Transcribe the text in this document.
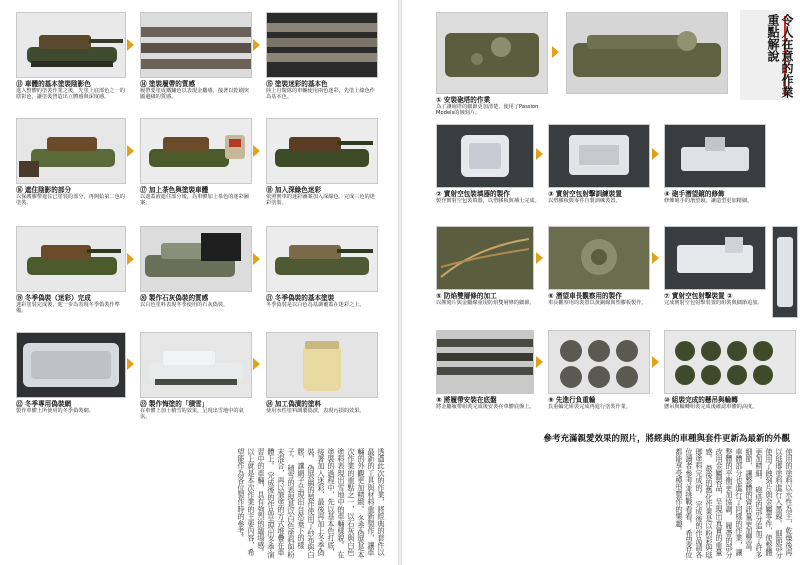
⑬ 車體的基本塗裝陰影色
進入整體的塗裝作業之後，先塗上底部色之一的陰影色，讓塗裝營造出立體感與深度感。
⑭ 塗裝履帶的質感
履帶要塗成鐵鏽色以表現金屬感，接著以乾刷突顯邊緣的質感。
⑮ 塗裝迷彩的基本色
陸上自衛隊的車輛使用兩色迷彩，先塗上綠色作為基本色。
⑯ 遮住陰影的部分
以保護膠帶遮住已塗裝的部分，再開始第二色的塗裝。
⑰ 加上茶色與塗裝車體
以遮蓋液遮住部分後，為車體加上茶色的迷彩圖案。
⑱ 加入深綠色迷彩
依照實車的迷彩圖案加入深綠色，完成三色的迷彩塗裝。
⑲ 冬季偽裝（迷彩）完成
迷彩塗裝完成後，進一步為表現冬季偽裝作準備。
⑳ 製作石灰偽裝的質感
以白色塗料表現冬季使用的石灰偽裝。
㉑ 冬季偽裝的基本塗裝
冬季偽裝是以白色為基調覆蓋在迷彩之上。
㉒ 冬季專用偽裝網
製作車體上所使用的冬季偽裝網。
㉓ 製作悔塗的「積雪」
在車體上加上積雪的效果，呈現出雪地中的氣氛。
㉔ 加工偽漬的塗料
使用水性塗料調製偽漬，表現污損的效果。
透過此次的作業，將經典的套件以最新的工具與材料重新製作，讓車輛的外觀更加精緻。 冬季偽裝是本次作業的重點之一，以石灰與白色塗料表現出雪地中的車輛樣貌。 在塗裝的過程中，先以基本色打底，接著加入迷彩，最後再加上冬季偽裝。 偽裝網的製作使用了紗布與白膠，讓網子呈現出自然垂下的樣子。 積雪的表現是以白色塗料與粉末混合，再以筆塗的方式堆疊在車體上。 完成後的作品呈現出冬季演習中的車輛，具有強烈的臨場感。 以上就是本次作業的主要內容，希望能作為各位製作時的參考。
① 安裝砲塔的作業
為了讓砲塔的細節更加清楚，使用了Passion Models的蝕刻片。
令人在意的作業重點解說
② 實射空包裝填器的製作
製作實射空包裝填器，以塑膠板與補土完成。
③ 實射空包射擊訓練裝置
以塑膠板與零件自製訓練裝置。
④ 砲手潛望鏡的修飾
修飾砲手的潛望鏡，讓造型更加精細。
⑤ 防焰雙層條的加工
以蝕刻片與金屬線重現防焰雙層條的細節。
⑥ 潛望車長觀察用的製作
車長觀察用的裝置以黃銅線與塑膠板製作。
⑦ 實射空包射擊裝置 ②
完成實射空包射擊裝置的組裝與細節追加。
⑧ 將履帶安裝在底盤
將金屬履帶組裝完成後安裝在車體底盤上。
⑨ 先進行負重輪
負重輪先組裝完成再進行塗裝作業。
⑩ 組裝完成的懸吊與輪轉
懸吊與輪轉組裝完成後確認車體的高度。
參考充滿親愛效果的照片，將經典的車種與套件更新為最新的外觀
使用的塗料以水性為主，乾燥後再以琺瑯塗料進行入墨線。 細節部分使用了蝕刻片與金屬零件，使整體更加精細。 砲塔的部分追加了許多細節，讓整體的資訊量更加豐富。 車體部分也進行了同樣的作業，讓整體的平衡更加協調。 履帶的部分改用金屬製品，呈現出真實的重量感。 最後的舊化作業是以粉彩與琺瑯塗料完成的。 完成後的作品請各位讀者參考並挑戰看看。 希望各位都能享受模型製作的樂趣。
